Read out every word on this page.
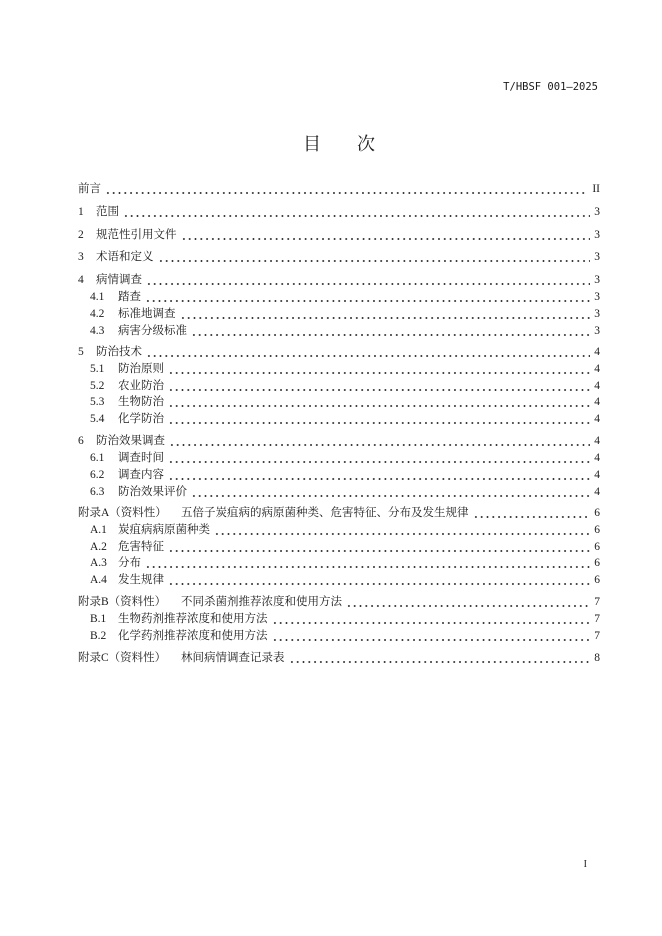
T/HBSF 001—2025
目　　次
前言	II
1	范围	3
2	规范性引用文件	3
3	术语和定义	3
4	病情调查	3
4.1	踏查	3
4.2	标准地调查	3
4.3	病害分级标准	3
5	防治技术	4
5.1	防治原则	4
5.2	农业防治	4
5.3	生物防治	4
5.4	化学防治	4
6	防治效果调查	4
6.1	调查时间	4
6.2	调查内容	4
6.3	防治效果评价	4
附录A（资料性）	五倍子炭疽病的病原菌种类、危害特征、分布及发生规律	6
A.1 炭疽病病原菌种类	6
A.2 危害特征	6
A.3 分布	6
A.4 发生规律	6
附录B（资料性）	不同杀菌剂推荐浓度和使用方法	7
B.1	生物药剂推荐浓度和使用方法	7
B.2	化学药剂推荐浓度和使用方法	7
附录C（资料性）	林间病情调查记录表	8
I
